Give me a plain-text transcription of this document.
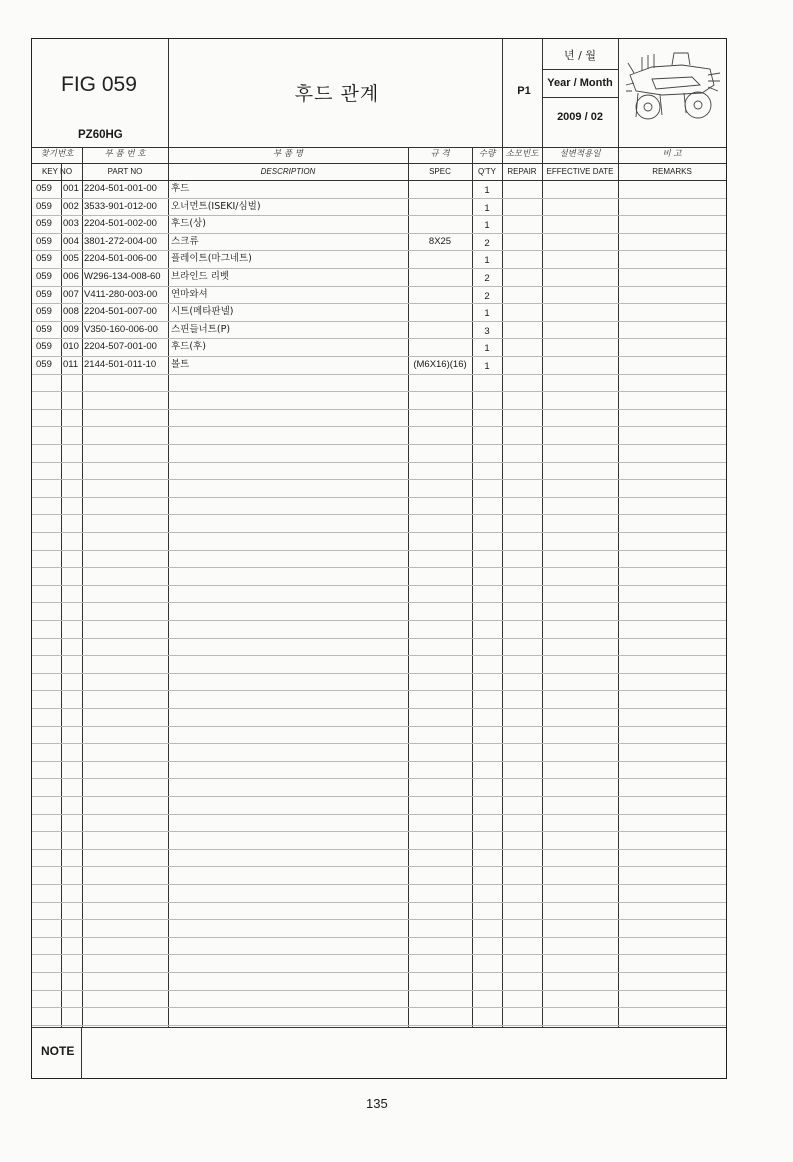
FIG 059
PZ60HG
후드 관계	P1
년 / 월
Year / Month
2009 / 02
찾기번호
KEY NO
부 품 번 호
PART NO
부 품 명
DESCRIPTION
규 격
SPEC
수량
Q'TY
소모빈도
REPAIR
설변적용일
EFFECTIVE DATE
비 고
REMARKS
059 001 2204-501-001-00 후드	1
059 002 3533-901-012-00 오너먼트(ISEKI/심벌)	1
059 003 2204-501-002-00 후드(상)	1
059 004 3801-272-004-00 스크류	8X25	2
059 005 2204-501-006-00 플레이트(마그네트)	1
059 006 W296-134-008-60 브라인드 리벳	2
059 007 V411-280-003-00 연마와셔	2
059 008 2204-501-007-00 시트(메타판넬)	1
059 009 V350-160-006-00 스핀들너트(P)	3
059 010 2204-507-001-00 후드(후)	1
059 011 2144-501-011-10 볼트	(M6X16)(16)	1
NOTE
135
